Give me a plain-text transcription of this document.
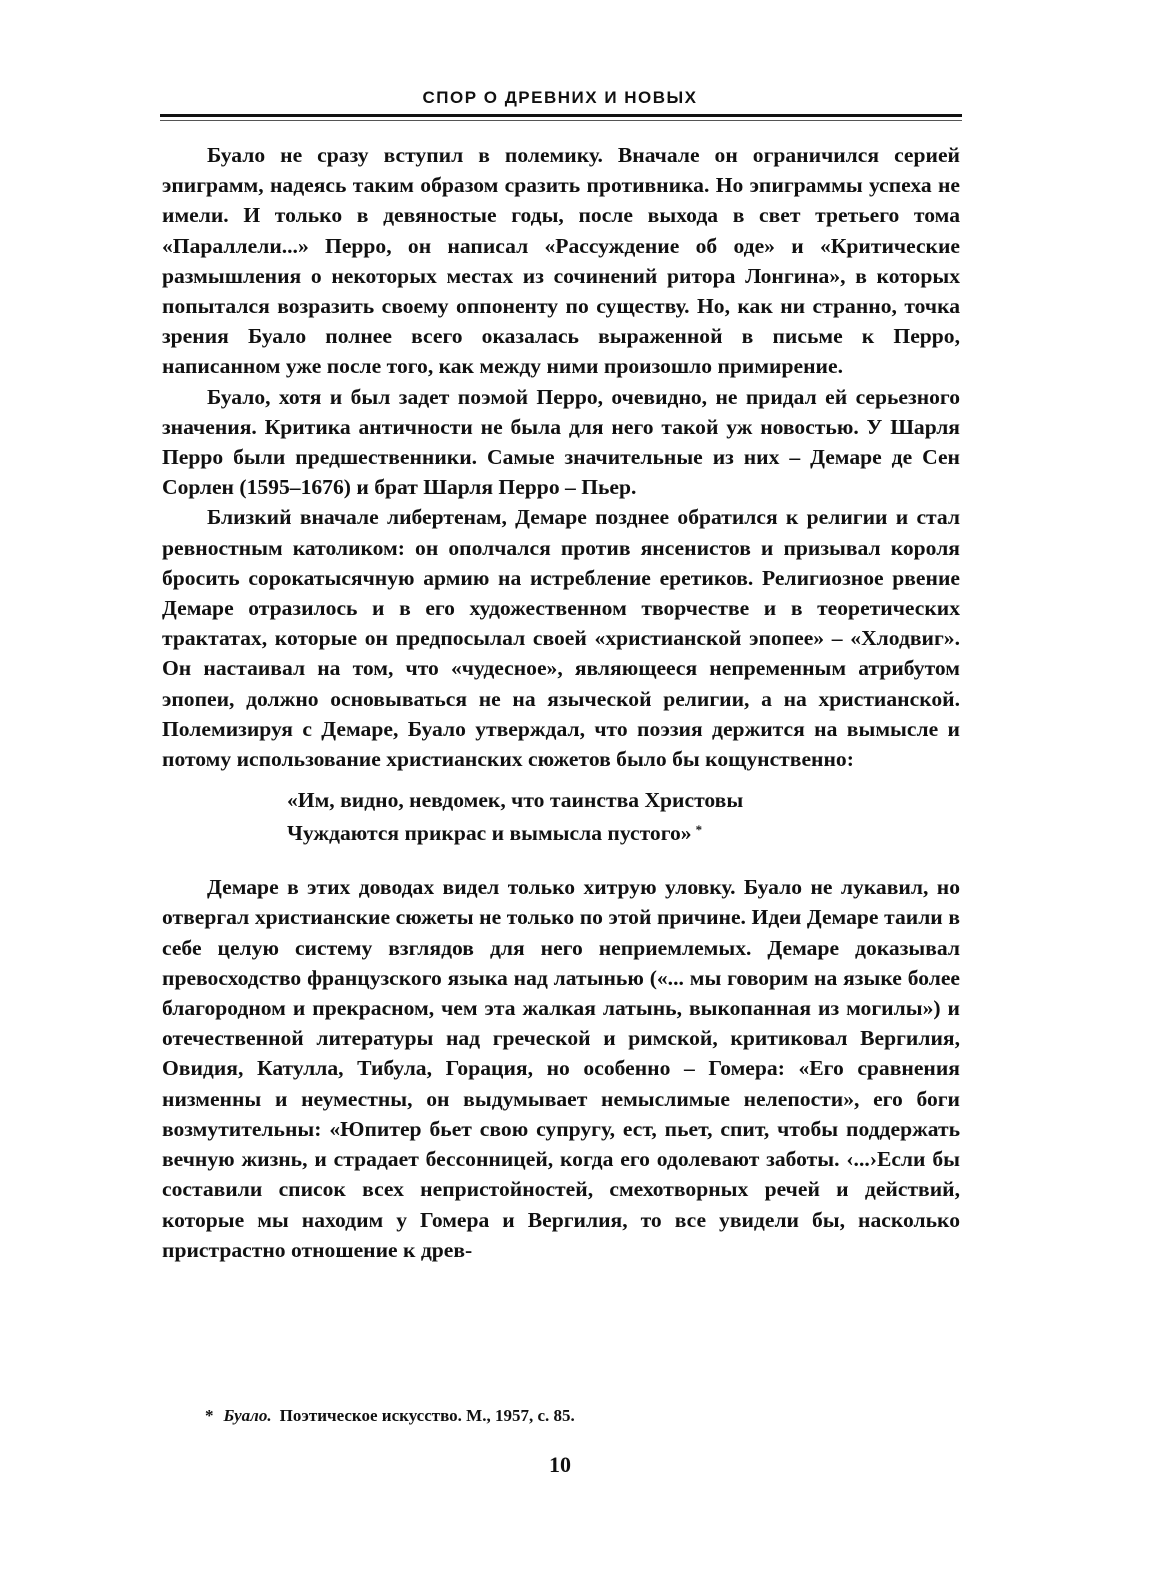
СПОР О ДРЕВНИХ И НОВЫХ

Буало не сразу вступил в полемику. Вначале он ограничился серией эпиграмм, надеясь таким образом сразить противника. Но эпиграммы успеха не имели. И только в девяностые годы, после выхода в свет третьего тома «Параллели...» Перро, он написал «Рассуждение об оде» и «Критические размышления о некоторых местах из сочинений ритора Лонгина», в которых попытался возразить своему оппоненту по существу. Но, как ни странно, точка зрения Буало полнее всего оказалась выраженной в письме к Перро, написанном уже после того, как между ними произошло примирение.

Буало, хотя и был задет поэмой Перро, очевидно, не придал ей серьезного значения. Критика античности не была для него такой уж новостью. У Шарля Перро были предшественники. Самые значительные из них – Демаре де Сен Сорлен (1595–1676) и брат Шарля Перро – Пьер.

Близкий вначале либертенам, Демаре позднее обратился к религии и стал ревностным католиком: он ополчался против янсенистов и призывал короля бросить сорокатысячную армию на истребление еретиков. Религиозное рвение Демаре отразилось и в его художественном творчестве и в теоретических трактатах, которые он предпосылал своей «христианской эпопее» – «Хлодвиг». Он настаивал на том, что «чудесное», являющееся непременным атрибутом эпопеи, должно основываться не на языческой религии, а на христианской. Полемизируя с Демаре, Буало утверждал, что поэзия держится на вымысле и потому использование христианских сюжетов было бы кощунственно:

«Им, видно, невдомек, что таинства Христовы
Чуждаются прикрас и вымысла пустого» *

Демаре в этих доводах видел только хитрую уловку. Буало не лукавил, но отвергал христианские сюжеты не только по этой причине. Идеи Демаре таили в себе целую систему взглядов для него неприемлемых. Демаре доказывал превосходство французского языка над латынью («... мы говорим на языке более благородном и прекрасном, чем эта жалкая латынь, выкопанная из могилы») и отечественной литературы над греческой и римской, критиковал Вергилия, Овидия, Катулла, Тибула, Горация, но особенно – Гомера: «Его сравнения низменны и неуместны, он выдумывает немыслимые нелепости», его боги возмутительны: «Юпитер бьет свою супругу, ест, пьет, спит, чтобы поддержать вечную жизнь, и страдает бессонницей, когда его одолевают заботы. ‹...›Если бы составили список всех непристойностей, смехотворных речей и действий, которые мы находим у Гомера и Вергилия, то все увидели бы, насколько пристрастно отношение к древ-

* Буало. Поэтическое искусство. М., 1957, с. 85.
10
